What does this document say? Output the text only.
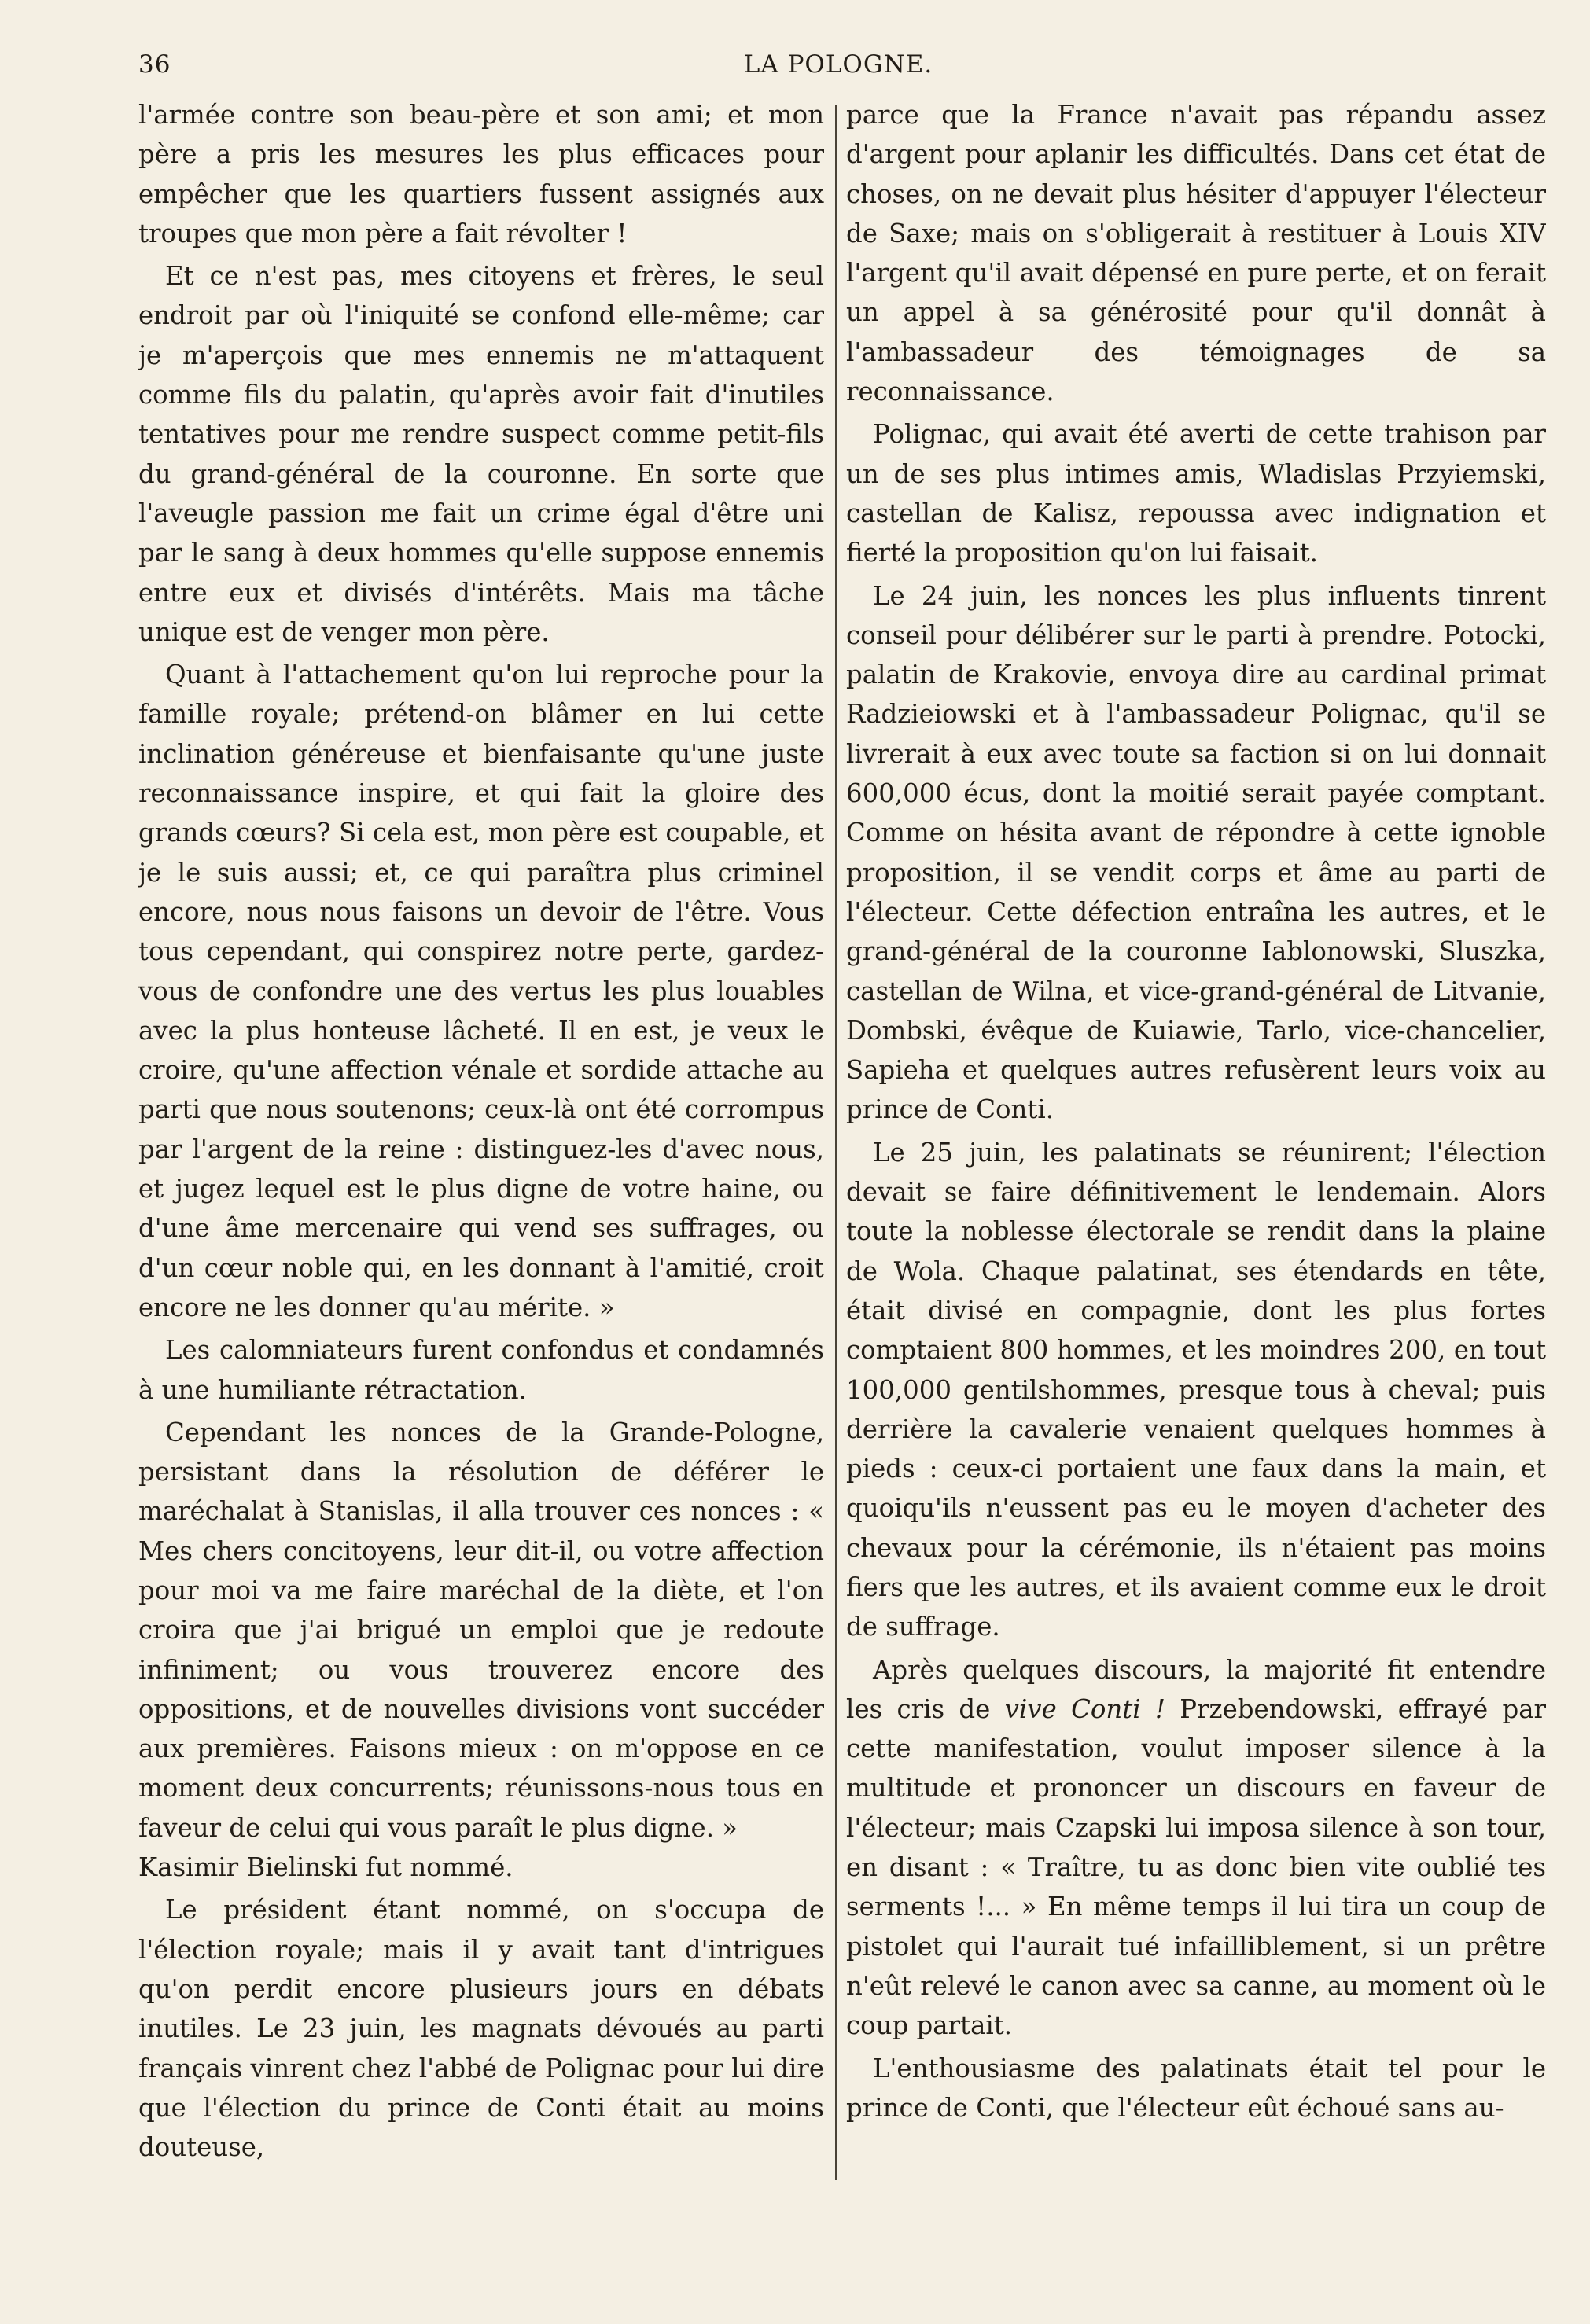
36	LA POLOGNE.

l'armée contre son beau-père et son ami; et mon père a pris les mesures les plus efficaces pour empêcher que les quartiers fussent assignés aux troupes que mon père a fait révolter !

Et ce n'est pas, mes citoyens et frères, le seul endroit par où l'iniquité se confond elle-même; car je m'aperçois que mes ennemis ne m'attaquent comme fils du palatin, qu'après avoir fait d'inutiles tentatives pour me rendre suspect comme petit-fils du grand-général de la couronne. En sorte que l'aveugle passion me fait un crime égal d'être uni par le sang à deux hommes qu'elle suppose ennemis entre eux et divisés d'intérêts. Mais ma tâche unique est de venger mon père.

Quant à l'attachement qu'on lui reproche pour la famille royale; prétend-on blâmer en lui cette inclination généreuse et bienfaisante qu'une juste reconnaissance inspire, et qui fait la gloire des grands cœurs? Si cela est, mon père est coupable, et je le suis aussi; et, ce qui paraîtra plus criminel encore, nous nous faisons un devoir de l'être. Vous tous cependant, qui conspirez notre perte, gardez-vous de confondre une des vertus les plus louables avec la plus honteuse lâcheté. Il en est, je veux le croire, qu'une affection vénale et sordide attache au parti que nous soutenons; ceux-là ont été corrompus par l'argent de la reine : distinguez-les d'avec nous, et jugez lequel est le plus digne de votre haine, ou d'une âme mercenaire qui vend ses suffrages, ou d'un cœur noble qui, en les donnant à l'amitié, croit encore ne les donner qu'au mérite. »

Les calomniateurs furent confondus et condamnés à une humiliante rétractation.

Cependant les nonces de la Grande-Pologne, persistant dans la résolution de déférer le maréchalat à Stanislas, il alla trouver ces nonces : « Mes chers concitoyens, leur dit-il, ou votre affection pour moi va me faire maréchal de la diète, et l'on croira que j'ai brigué un emploi que je redoute infiniment; ou vous trouverez encore des oppositions, et de nouvelles divisions vont succéder aux premières. Faisons mieux : on m'oppose en ce moment deux concurrents; réunissons-nous tous en faveur de celui qui vous paraît le plus digne. »
Kasimir Bielinski fut nommé.

Le président étant nommé, on s'occupa de l'élection royale; mais il y avait tant d'intrigues qu'on perdit encore plusieurs jours en débats inutiles. Le 23 juin, les magnats dévoués au parti français vinrent chez l'abbé de Polignac pour lui dire que l'élection du prince de Conti était au moins douteuse,

parce que la France n'avait pas répandu assez d'argent pour aplanir les difficultés. Dans cet état de choses, on ne devait plus hésiter d'appuyer l'électeur de Saxe; mais on s'obligerait à restituer à Louis XIV l'argent qu'il avait dépensé en pure perte, et on ferait un appel à sa générosité pour qu'il donnât à l'ambassadeur des témoignages de sa reconnaissance.

Polignac, qui avait été averti de cette trahison par un de ses plus intimes amis, Wladislas Przyiemski, castellan de Kalisz, repoussa avec indignation et fierté la proposition qu'on lui faisait.

Le 24 juin, les nonces les plus influents tinrent conseil pour délibérer sur le parti à prendre. Potocki, palatin de Krakovie, envoya dire au cardinal primat Radzieiowski et à l'ambassadeur Polignac, qu'il se livrerait à eux avec toute sa faction si on lui donnait 600,000 écus, dont la moitié serait payée comptant. Comme on hésita avant de répondre à cette ignoble proposition, il se vendit corps et âme au parti de l'électeur. Cette défection entraîna les autres, et le grand-général de la couronne Iablonowski, Sluszka, castellan de Wilna, et vice-grand-général de Litvanie, Dombski, évêque de Kuiawie, Tarlo, vice-chancelier, Sapieha et quelques autres refusèrent leurs voix au prince de Conti.

Le 25 juin, les palatinats se réunirent; l'élection devait se faire définitivement le lendemain. Alors toute la noblesse électorale se rendit dans la plaine de Wola. Chaque palatinat, ses étendards en tête, était divisé en compagnie, dont les plus fortes comptaient 800 hommes, et les moindres 200, en tout 100,000 gentilshommes, presque tous à cheval; puis derrière la cavalerie venaient quelques hommes à pieds : ceux-ci portaient une faux dans la main, et quoiqu'ils n'eussent pas eu le moyen d'acheter des chevaux pour la cérémonie, ils n'étaient pas moins fiers que les autres, et ils avaient comme eux le droit de suffrage.

Après quelques discours, la majorité fit entendre les cris de vive Conti ! Przebendowski, effrayé par cette manifestation, voulut imposer silence à la multitude et prononcer un discours en faveur de l'électeur; mais Czapski lui imposa silence à son tour, en disant : « Traître, tu as donc bien vite oublié tes serments !... » En même temps il lui tira un coup de pistolet qui l'aurait tué infailliblement, si un prêtre n'eût relevé le canon avec sa canne, au moment où le coup partait.

L'enthousiasme des palatinats était tel pour le prince de Conti, que l'électeur eût échoué sans au-
